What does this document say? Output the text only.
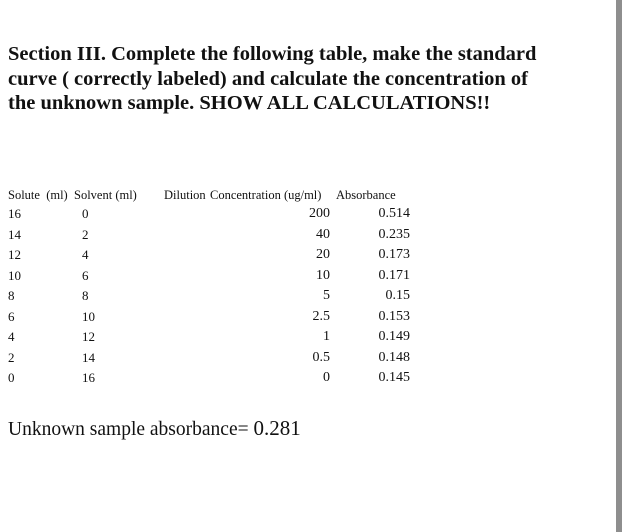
Section III. Complete the following table, make the standard
curve ( correctly labeled) and calculate the concentration of
the unknown sample. SHOW ALL CALCULATIONS!!
Solute (ml)	Solvent (ml)	Dilution	Concentration (ug/ml)	Absorbance
16	0		200	0.514
14	2		40	0.235
12	4		20	0.173
10	6		10	0.171
8	8		5	0.15
6	10		2.5	0.153
4	12		1	0.149
2	14		0.5	0.148
0	16		0	0.145
Unknown sample absorbance= 0.281
